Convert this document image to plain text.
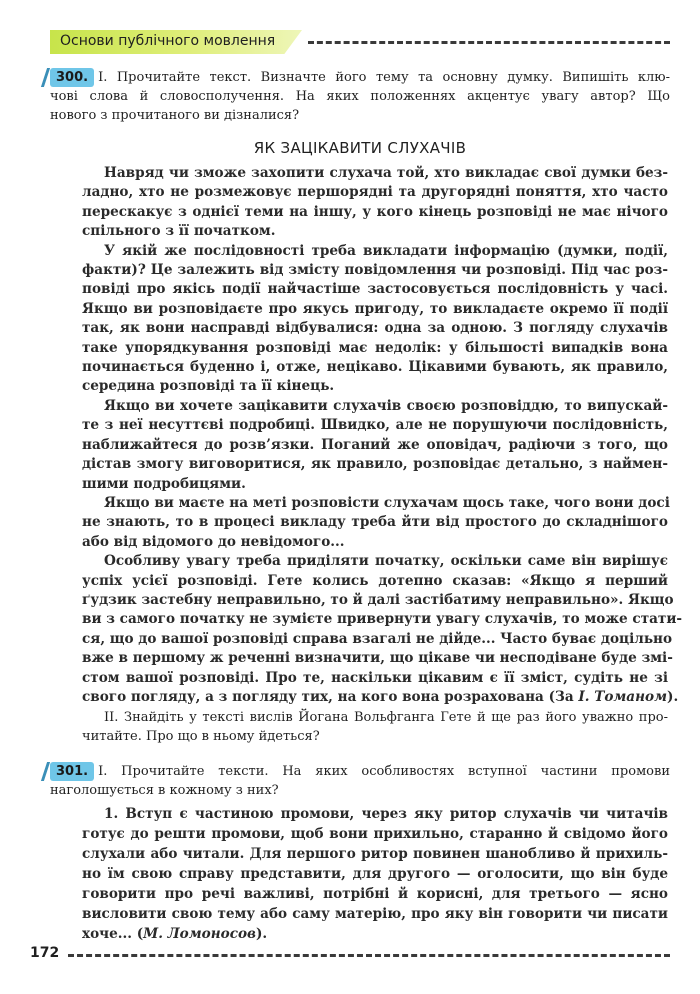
Основи публічного мовлення
300. І. Прочитайте текст. Визначте його тему та основну думку. Випишіть клю-
чові слова й словосполучення. На яких положеннях акцентує увагу автор? Що
нового з прочитаного ви дізналися?
ЯК ЗАЦІКАВИТИ СЛУХАЧІВ
Навряд чи зможе захопити слухача той, хто викладає свої думки без-
ладно, хто не розмежовує першорядні та другорядні поняття, хто часто
перескакує з однієї теми на іншу, у кого кінець розповіді не має нічого
спільного з її початком.
У якій же послідовності треба викладати інформацію (думки, події,
факти)? Це залежить від змісту повідомлення чи розповіді. Під час роз-
повіді про якісь події найчастіше застосовується послідовність у часі.
Якщо ви розповідаєте про якусь пригоду, то викладаєте окремо її події
так, як вони насправді відбувалися: одна за одною. З погляду слухачів
таке упорядкування розповіді має недолік: у більшості випадків вона
починається буденно і, отже, нецікаво. Цікавими бувають, як правило,
середина розповіді та її кінець.
Якщо ви хочете зацікавити слухачів своєю розповіддю, то випускай-
те з неї несуттєві подробиці. Швидко, але не порушуючи послідовність,
наближайтеся до розв’язки. Поганий же оповідач, радіючи з того, що
дістав змогу виговоритися, як правило, розповідає детально, з наймен-
шими подробицями.
Якщо ви маєте на меті розповісти слухачам щось таке, чого вони досі
не знають, то в процесі викладу треба йти від простого до складнішого
або від відомого до невідомого...
Особливу увагу треба приділяти початку, оскільки саме він вирішує
успіх усієї розповіді. Гете колись дотепно сказав: «Якщо я перший
ґудзик застебну неправильно, то й далі застібатиму неправильно». Якщо
ви з самого початку не зумієте привернути увагу слухачів, то може стати-
ся, що до вашої розповіді справа взагалі не дійде... Часто буває доцільно
вже в першому ж реченні визначити, що цікаве чи несподіване буде змі-
стом вашої розповіді. Про те, наскільки цікавим є її зміст, судіть не зі
свого погляду, а з погляду тих, на кого вона розрахована (За І. Томаном).
ІІ. Знайдіть у тексті вислів Йогана Вольфганга Гете й ще раз його уважно про-
читайте. Про що в ньому йдеться?
301. І. Прочитайте тексти. На яких особливостях вступної частини промови
наголошується в кожному з них?
1. Вступ є частиною промови, через яку ритор слухачів чи читачів
готує до решти промови, щоб вони прихильно, старанно й свідомо його
слухали або читали. Для першого ритор повинен шанобливо й прихиль-
но їм свою справу представити, для другого — оголосити, що він буде
говорити про речі важливі, потрібні й корисні, для третього — ясно
висловити свою тему або саму матерію, про яку він говорити чи писати
хоче... (М. Ломоносов).
172
